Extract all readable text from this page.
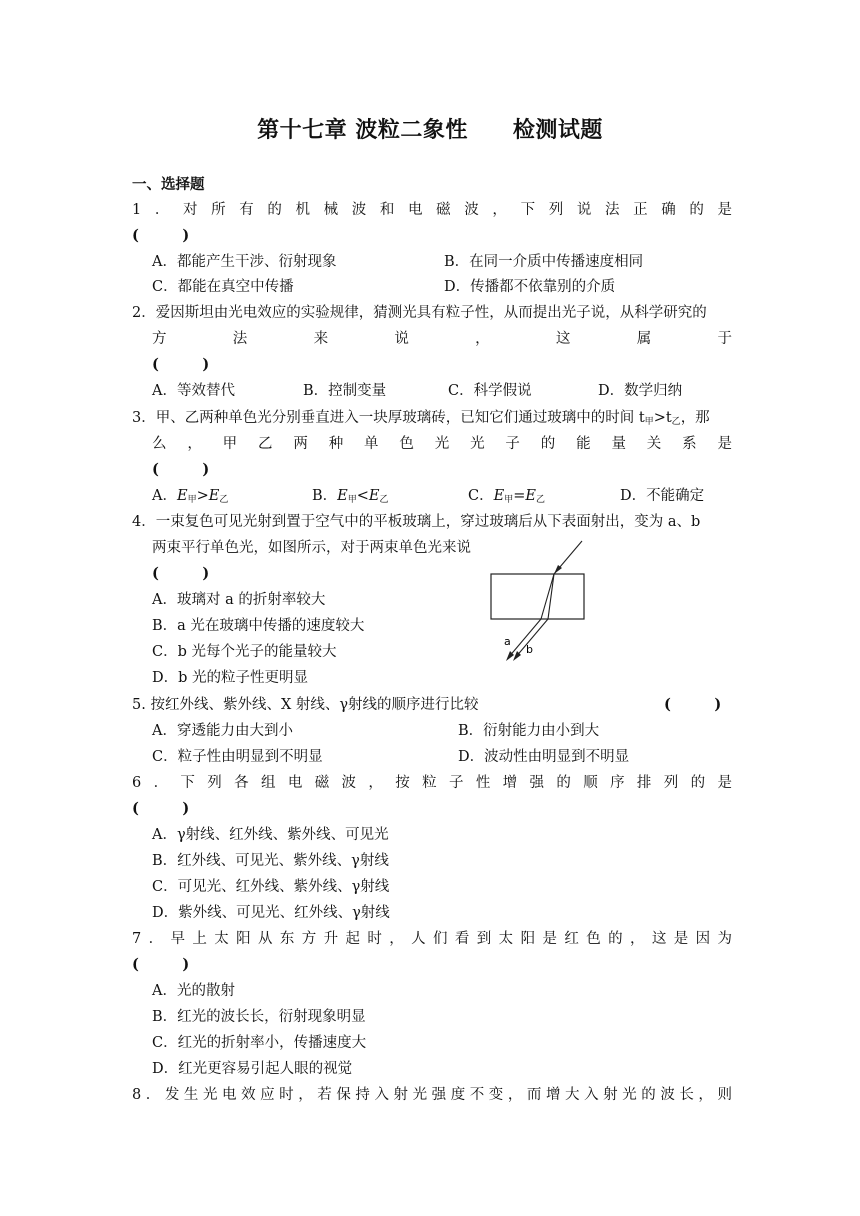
第十七章 波粒二象性　　检测试题
一、选择题
1．对所有的机械波和电磁波，下列说法正确的是
(　　　)
A．都能产生干涉、衍射现象	B．在同一介质中传播速度相同
C．都能在真空中传播	D．传播都不依靠别的介质
2．爱因斯坦由光电效应的实验规律，猜测光具有粒子性，从而提出光子说，从科学研究的
方法来说，这属于
(　　　)
A．等效替代	B．控制变量	C．科学假说	D．数学归纳
3．甲、乙两种单色光分别垂直进入一块厚玻璃砖，已知它们通过玻璃中的时间 $t_甲>t_乙$，那
么，甲乙两种单色光光子的能量关系是
(　　　)
A．$E_甲>E_乙$	B．$E_甲<E_乙$	C．$E_甲=E_乙$	D．不能确定
4．一束复色可见光射到置于空气中的平板玻璃上，穿过玻璃后从下表面射出，变为 a、b
两束平行单色光，如图所示，对于两束单色光来说
(　　　)
A．玻璃对 a 的折射率较大
B．a 光在玻璃中传播的速度较大
C．b 光每个光子的能量较大
D．b 光的粒子性更明显
a
b
5. 按红外线、紫外线、X 射线、γ射线的顺序进行比较	(　　　)
A．穿透能力由大到小	B．衍射能力由小到大
C．粒子性由明显到不明显	D．波动性由明显到不明显
6．下列各组电磁波，按粒子性增强的顺序排列的是
(　　　)
A．γ射线、红外线、紫外线、可见光
B．红外线、可见光、紫外线、γ射线
C．可见光、红外线、紫外线、γ射线
D．紫外线、可见光、红外线、γ射线
7．早上太阳从东方升起时，人们看到太阳是红色的，这是因为
(　　　)
A．光的散射
B．红光的波长长，衍射现象明显
C．红光的折射率小，传播速度大
D．红光更容易引起人眼的视觉
8．发生光电效应时，若保持入射光强度不变，而增大入射光的波长，则
